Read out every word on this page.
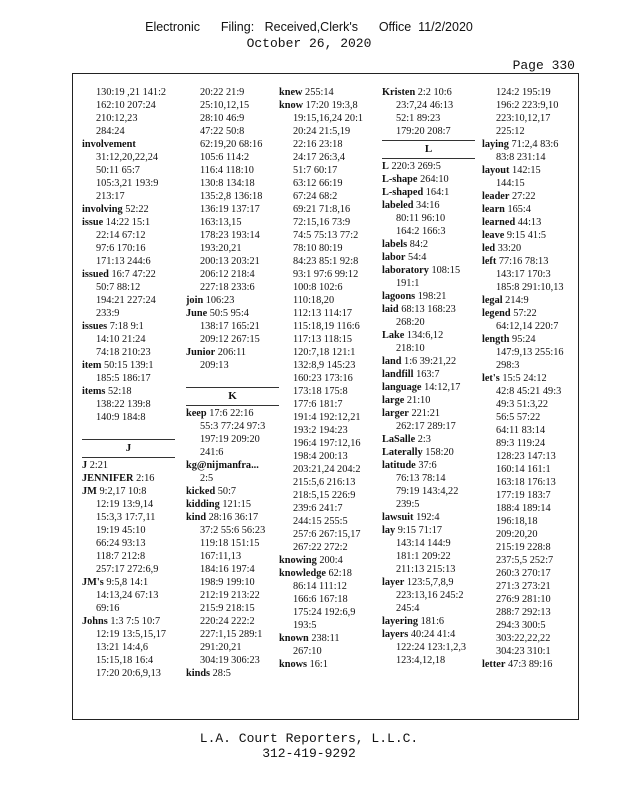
Electronic      Filing:   Received,Clerk's      Office  11/2/2020
October 26, 2020
Page 330
130:19 ,21 141:2
162:10 207:24
210:12,23
284:24
involvement
31:12,20,22,24
50:11 65:7
105:3,21 193:9
213:17
involving 52:22
issue 14:22 15:1
22:14 67:12
97:6 170:16
171:13 244:6
issued 16:7 47:22
50:7 88:12
194:21 227:24
233:9
issues 7:18 9:1
14:10 21:24
74:18 210:23
item 50:15 139:1
185:5 186:17
items 52:18
138:22 139:8
140:9 184:8
J
J 2:21
JENNIFER 2:16
JM 9:2,17 10:8
12:19 13:9,14
15:3,3 17:7,11
19:19 45:10
66:24 93:13
118:7 212:8
257:17 272:6,9
JM's 9:5,8 14:1
14:13,24 67:13
69:16
Johns 1:3 7:5 10:7
12:19 13:5,15,17
13:21 14:4,6
15:15,18 16:4
17:20 20:6,9,13
20:22 21:9
25:10,12,15
28:10 46:9
47:22 50:8
62:19,20 68:16
105:6 114:2
116:4 118:10
130:8 134:18
135:2,8 136:18
136:19 137:17
163:13,15
178:23 193:14
193:20,21
200:13 203:21
206:12 218:4
227:18 233:6
join 106:23
June 50:5 95:4
138:17 165:21
209:12 267:15
Junior 206:11
209:13
K
keep 17:6 22:16
55:3 77:24 97:3
197:19 209:20
241:6
kg@nijmanfra...
2:5
kicked 50:7
kidding 121:15
kind 28:16 36:17
37:2 55:6 56:23
119:18 151:15
167:11,13
184:16 197:4
198:9 199:10
212:19 213:22
215:9 218:15
220:24 222:2
227:1,15 289:1
291:20,21
304:19 306:23
kinds 28:5
knew 255:14
know 17:20 19:3,8
19:15,16,24 20:1
20:24 21:5,19
22:16 23:18
24:17 26:3,4
51:7 60:17
63:12 66:19
67:24 68:2
69:21 71:8,16
72:15,16 73:9
74:5 75:13 77:2
78:10 80:19
84:23 85:1 92:8
93:1 97:6 99:12
100:8 102:6
110:18,20
112:13 114:17
115:18,19 116:6
117:13 118:15
120:7,18 121:1
132:8,9 145:23
160:23 173:16
173:18 175:8
177:6 181:7
191:4 192:12,21
193:2 194:23
196:4 197:12,16
198:4 200:13
203:21,24 204:2
215:5,6 216:13
218:5,15 226:9
239:6 241:7
244:15 255:5
257:6 267:15,17
267:22 272:2
knowing 200:4
knowledge 62:18
86:14 111:12
166:6 167:18
175:24 192:6,9
193:5
known 238:11
267:10
knows 16:1
Kristen 2:2 10:6
23:7,24 46:13
52:1 89:23
179:20 208:7
L
L 220:3 269:5
L-shape 264:10
L-shaped 164:1
labeled 34:16
80:11 96:10
164:2 166:3
labels 84:2
labor 54:4
laboratory 108:15
191:1
lagoons 198:21
laid 68:13 168:23
268:20
Lake 134:6,12
218:10
land 1:6 39:21,22
landfill 163:7
language 14:12,17
large 21:10
larger 221:21
262:17 289:17
LaSalle 2:3
Laterally 158:20
latitude 37:6
76:13 78:14
79:19 143:4,22
239:5
lawsuit 192:4
lay 9:15 71:17
143:14 144:9
181:1 209:22
211:13 215:13
layer 123:5,7,8,9
223:13,16 245:2
245:4
layering 181:6
layers 40:24 41:4
122:24 123:1,2,3
123:4,12,18
124:2 195:19
196:2 223:9,10
223:10,12,17
225:12
laying 71:2,4 83:6
83:8 231:14
layout 142:15
144:15
leader 27:22
learn 165:4
learned 44:13
leave 9:15 41:5
led 33:20
left 77:16 78:13
143:17 170:3
185:8 291:10,13
legal 214:9
legend 57:22
64:12,14 220:7
length 95:24
147:9,13 255:16
298:3
let's 15:5 24:12
42:8 45:21 49:3
49:3 51:3,22
56:5 57:22
64:11 83:14
89:3 119:24
128:23 147:13
160:14 161:1
163:18 176:13
177:19 183:7
188:4 189:14
196:18,18
209:20,20
215:19 228:8
237:5,5 252:7
260:3 270:17
271:3 273:21
276:9 281:10
288:7 292:13
294:3 300:5
303:22,22,22
304:23 310:1
letter 47:3 89:16
L.A. Court Reporters, L.L.C.
312-419-9292
